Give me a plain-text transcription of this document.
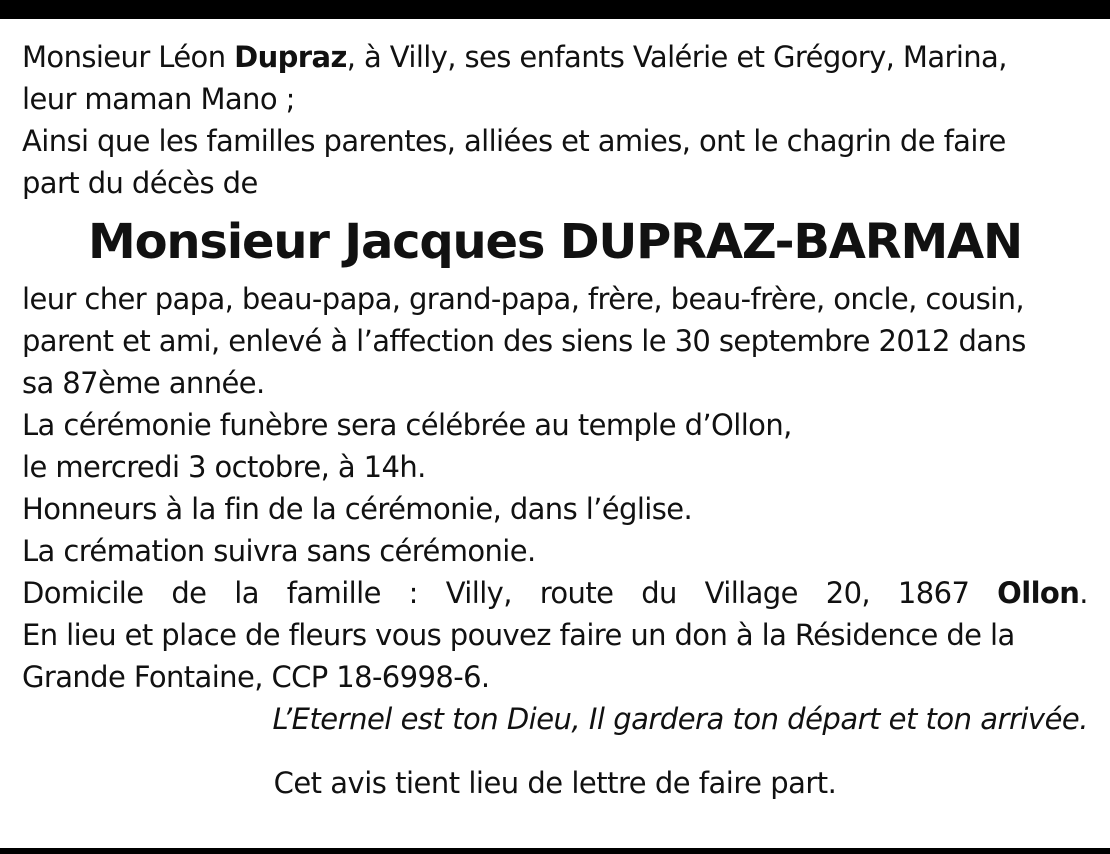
Monsieur Léon Dupraz, à Villy, ses enfants Valérie et Grégory, Marina,

leur maman Mano ;

Ainsi que les familles parentes, alliées et amies, ont le chagrin de faire

part du décès de

Monsieur Jacques DUPRAZ-BARMAN

leur cher papa, beau-papa, grand-papa, frère, beau-frère, oncle, cousin,

parent et ami, enlevé à l’affection des siens le 30 septembre 2012 dans

sa 87ème année.

La cérémonie funèbre sera célébrée au temple d’Ollon,

le mercredi 3 octobre, à 14h.

Honneurs à la fin de la cérémonie, dans l’église.

La crémation suivra sans cérémonie.

Domicile de la famille : Villy, route du Village 20, 1867 Ollon.

En lieu et place de fleurs vous pouvez faire un don à la Résidence de la

Grande Fontaine, CCP 18-6998-6.

L’Eternel est ton Dieu, Il gardera ton départ et ton arrivée.

Cet avis tient lieu de lettre de faire part.
